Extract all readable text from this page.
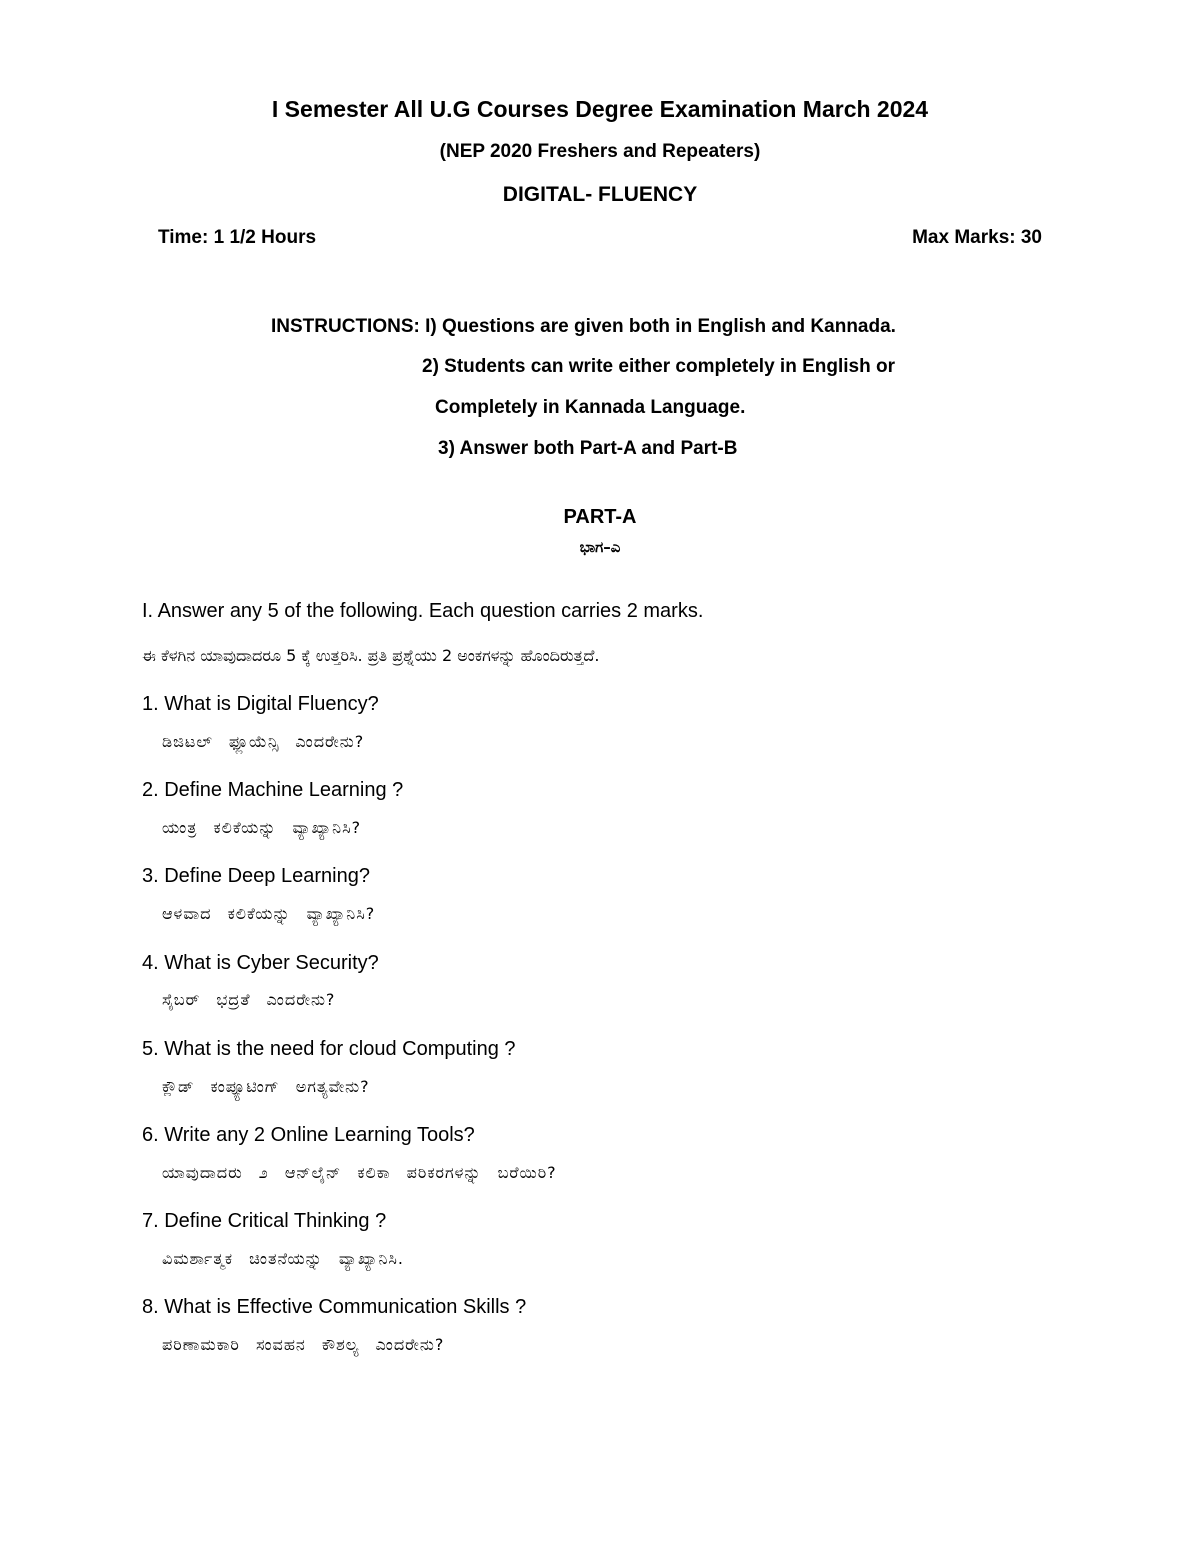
I Semester All U.G Courses Degree Examination March 2024
(NEP 2020 Freshers and Repeaters)
DIGITAL- FLUENCY
Time: 1 1/2 Hours	Max Marks: 30
INSTRUCTIONS: I) Questions are given both in English and Kannada.
2) Students can write either completely in English or
Completely in Kannada Language.
3) Answer both Part-A and Part-B
PART-A
ಭಾಗ–ಎ
I. Answer any 5 of the following. Each question carries 2 marks.
ಈ ಕೆಳಗಿನ ಯಾವುದಾದರೂ 5 ಕ್ಕೆ ಉತ್ತರಿಸಿ. ಪ್ರತಿ ಪ್ರಶ್ನೆಯು 2 ಅಂಕಗಳನ್ನು ಹೊಂದಿರುತ್ತದೆ.
1. What is Digital Fluency?
ಡಿಜಿಟಲ್ ಫ್ಲೂಯೆನ್ಸಿ ಎಂದರೇನು?
2. Define Machine Learning ?
ಯಂತ್ರ ಕಲಿಕೆಯನ್ನು ವ್ಯಾಖ್ಯಾನಿಸಿ?
3. Define Deep Learning?
ಆಳವಾದ ಕಲಿಕೆಯನ್ನು ವ್ಯಾಖ್ಯಾನಿಸಿ?
4. What is Cyber Security?
ಸೈಬರ್ ಭದ್ರತೆ ಎಂದರೇನು?
5. What is the need for cloud Computing ?
ಕ್ಲೌಡ್ ಕಂಪ್ಯೂಟಿಂಗ್ ಅಗತ್ಯವೇನು?
6. Write any 2 Online Learning Tools?
ಯಾವುದಾದರು ೨ ಆನ್‌ಲೈನ್ ಕಲಿಕಾ ಪರಿಕರಗಳನ್ನು ಬರೆಯಿರಿ?
7. Define Critical Thinking ?
ವಿಮರ್ಶಾತ್ಮಕ ಚಿಂತನೆಯನ್ನು ವ್ಯಾಖ್ಯಾನಿಸಿ.
8. What is Effective Communication Skills ?
ಪರಿಣಾಮಕಾರಿ ಸಂವಹನ ಕೌಶಲ್ಯ ಎಂದರೇನು?
